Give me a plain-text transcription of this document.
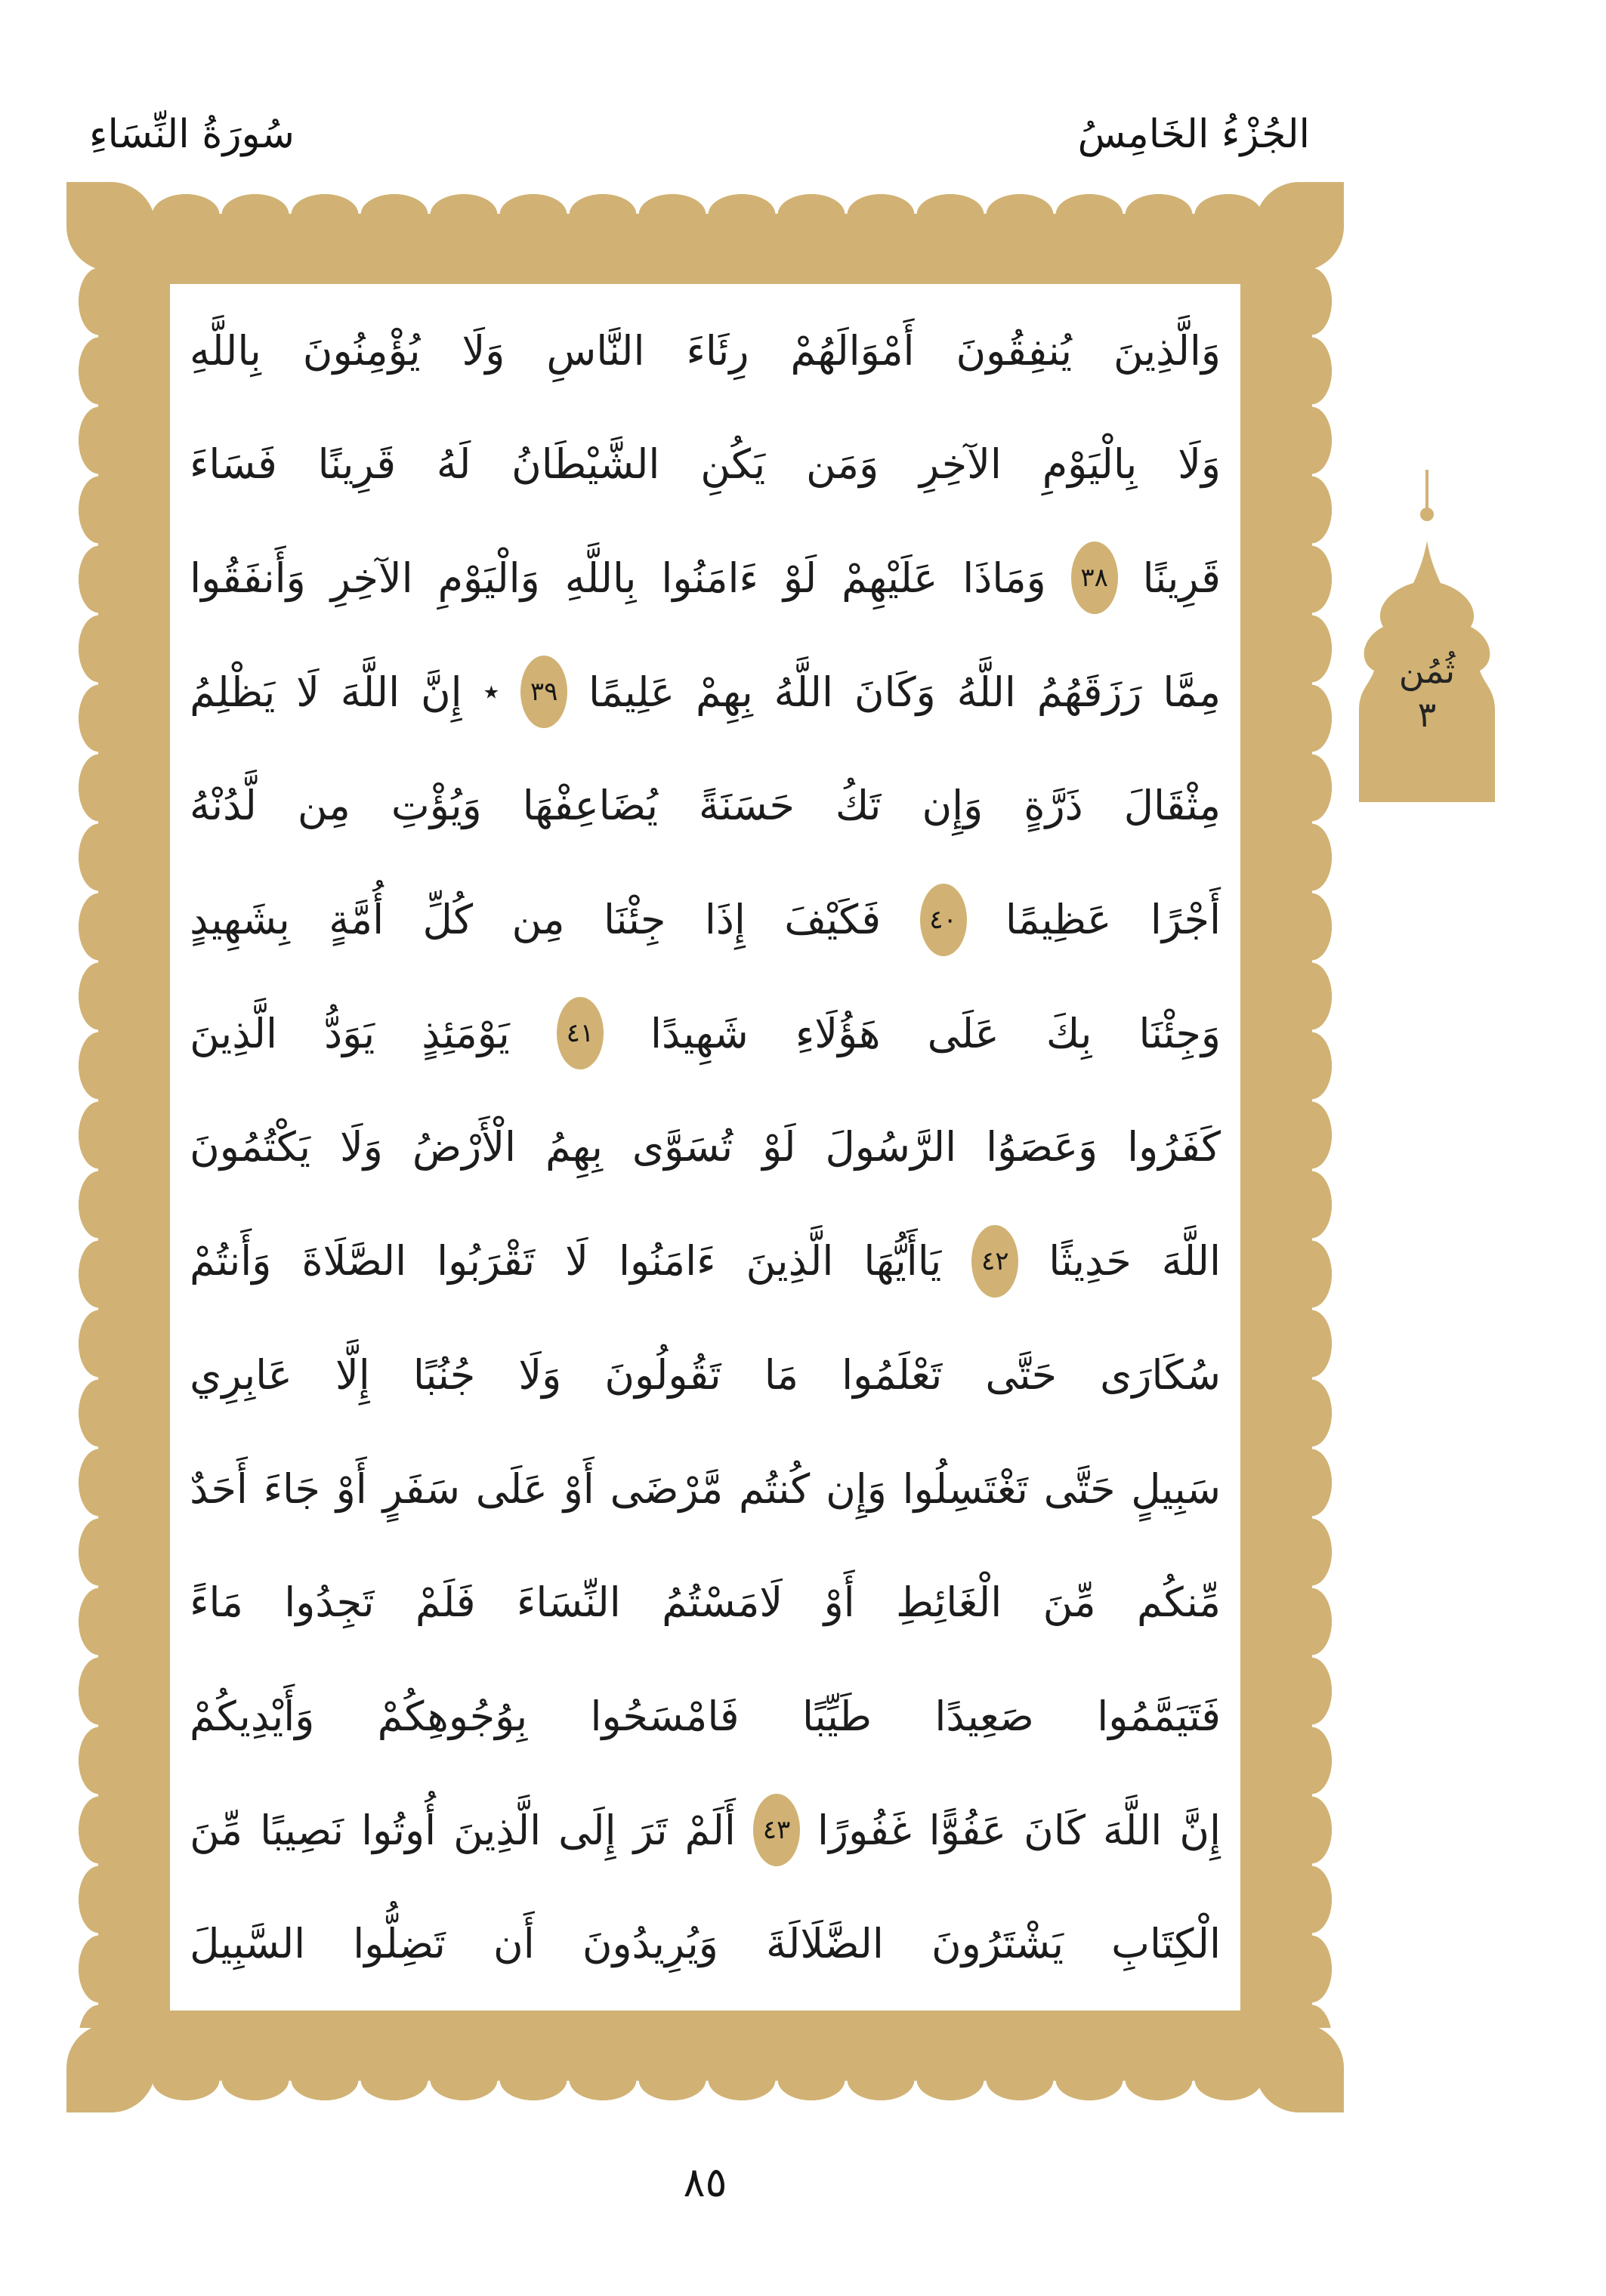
سُورَةُ النِّسَاءِ	الجُزْءُ الخَامِسُ
وَالَّذِينَ
يُنفِقُونَ
أَمْوَالَهُمْ
رِئَاءَ
النَّاسِ
وَلَا
يُؤْمِنُونَ
بِاللَّهِ
وَلَا
بِالْيَوْمِ
الآخِرِ
وَمَن
يَكُنِ
الشَّيْطَانُ
لَهُ
قَرِينًا
فَسَاءَ
قَرِينًا
٣٨
وَمَاذَا
عَلَيْهِمْ
لَوْ
ءَامَنُوا
بِاللَّهِ
وَالْيَوْمِ
الآخِرِ
وَأَنفَقُوا
مِمَّا
رَزَقَهُمُ
اللَّهُ
وَكَانَ
اللَّهُ
بِهِمْ
عَلِيمًا
٣٩
٭
إِنَّ
اللَّهَ
لَا
يَظْلِمُ
مِثْقَالَ
ذَرَّةٍ
وَإِن
تَكُ
حَسَنَةً
يُضَاعِفْهَا
وَيُؤْتِ
مِن
لَّدُنْهُ
أَجْرًا
عَظِيمًا
٤٠
فَكَيْفَ
إِذَا
جِئْنَا
مِن
كُلِّ
أُمَّةٍ
بِشَهِيدٍ
وَجِئْنَا
بِكَ
عَلَى
هَؤُلَاءِ
شَهِيدًا
٤١
يَوْمَئِذٍ
يَوَدُّ
الَّذِينَ
كَفَرُوا
وَعَصَوُا
الرَّسُولَ
لَوْ
تُسَوَّى
بِهِمُ
الْأَرْضُ
وَلَا
يَكْتُمُونَ
اللَّهَ
حَدِيثًا
٤٢
يَاأَيُّهَا
الَّذِينَ
ءَامَنُوا
لَا
تَقْرَبُوا
الصَّلَاةَ
وَأَنتُمْ
سُكَارَى
حَتَّى
تَعْلَمُوا
مَا
تَقُولُونَ
وَلَا
جُنُبًا
إِلَّا
عَابِرِي
سَبِيلٍ
حَتَّى
تَغْتَسِلُوا
وَإِن
كُنتُم
مَّرْضَى
أَوْ
عَلَى
سَفَرٍ
أَوْ
جَاءَ
أَحَدٌ
مِّنكُم
مِّنَ
الْغَائِطِ
أَوْ
لَامَسْتُمُ
النِّسَاءَ
فَلَمْ
تَجِدُوا
مَاءً
فَتَيَمَّمُوا
صَعِيدًا
طَيِّبًا
فَامْسَحُوا
بِوُجُوهِكُمْ
وَأَيْدِيكُمْ
إِنَّ
اللَّهَ
كَانَ
عَفُوًّا
غَفُورًا
٤٣
أَلَمْ
تَرَ
إِلَى
الَّذِينَ
أُوتُوا
نَصِيبًا
مِّنَ
الْكِتَابِ
يَشْتَرُونَ
الضَّلَالَةَ
وَيُرِيدُونَ
أَن
تَضِلُّوا
السَّبِيلَ
ثُمُن
٣
٨٥
